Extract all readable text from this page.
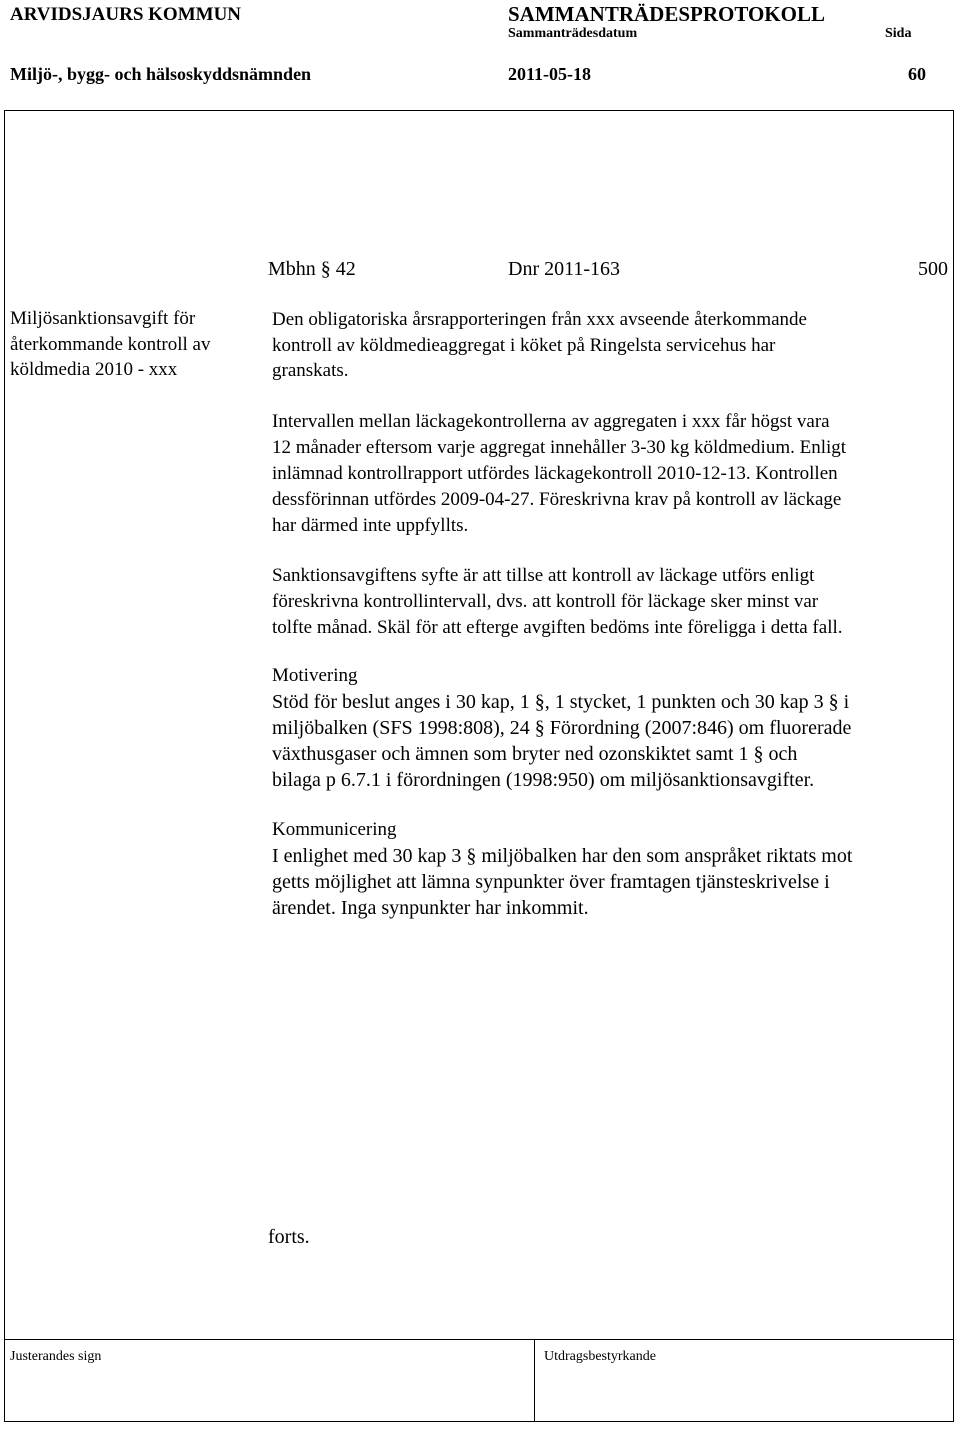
ARVIDSJAURS KOMMUN	SAMMANTRÄDESPROTOKOLL
Sammanträdesdatum	Sida
Miljö-, bygg- och hälsoskyddsnämnden	2011-05-18	60
Mbhn § 42	Dnr 2011-163	500
Miljösanktionsavgift för
återkommande kontroll av
köldmedia 2010 - xxx
Den obligatoriska årsrapporteringen från xxx avseende återkommande
kontroll av köldmedieaggregat i köket på Ringelsta servicehus har
granskats.
Intervallen mellan läckagekontrollerna av aggregaten i xxx får högst vara
12 månader eftersom varje aggregat innehåller 3-30 kg köldmedium. Enligt
inlämnad kontrollrapport utfördes läckagekontroll 2010-12-13. Kontrollen
dessförinnan utfördes 2009-04-27. Föreskrivna krav på kontroll av läckage
har därmed inte uppfyllts.
Sanktionsavgiftens syfte är att tillse att kontroll av läckage utförs enligt
föreskrivna kontrollintervall, dvs. att kontroll för läckage sker minst var
tolfte månad. Skäl för att efterge avgiften bedöms inte föreligga i detta fall.
Motivering
Stöd för beslut anges i 30 kap, 1 §, 1 stycket, 1 punkten och 30 kap 3 § i
miljöbalken (SFS 1998:808), 24 § Förordning (2007:846) om fluorerade
växthusgaser och ämnen som bryter ned ozonskiktet samt 1 § och
bilaga p 6.7.1 i förordningen (1998:950) om miljösanktionsavgifter.
Kommunicering
I enlighet med 30 kap 3 § miljöbalken har den som anspråket riktats mot
getts möjlighet att lämna synpunkter över framtagen tjänsteskrivelse i
ärendet. Inga synpunkter har inkommit.
forts.
Justerandes sign	Utdragsbestyrkande
